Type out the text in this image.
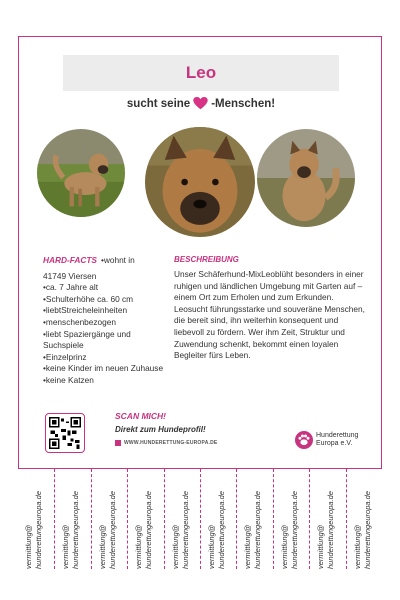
Leo
sucht seine -Menschen!
HARD-FACTS •wohnt in
41749 Viersen
•ca. 7 Jahre alt
•Schulterhöhe ca. 60 cm
•liebtStreicheleinheiten
•menschenbezogen
•liebt Spaziergänge und Suchspiele
•Einzelprinz
•keine Kinder im neuen Zuhause
•keine Katzen
BESCHREIBUNG
Unser Schäferhund-MixLeoblüht besonders in einer ruhigen und ländlichen Umgebung mit Garten auf –einem Ort zum Erholen und zum Erkunden. Leosucht führungsstarke und souveräne Menschen, die bereit sind, ihn weiterhin konsequent und liebevoll zu fördern. Wer ihm Zeit, Struktur und Zuwendung schenkt, bekommt einen loyalen Begleiter fürs Leben.
SCAN MICH!
Direkt zum Hundeprofil!
WWW.HUNDERETTUNG-EUROPA.DE
Hunderettung
Europa e.V.
vermittlung@ hunderettungeuropa.de vermittlung@ hunderettungeuropa.de vermittlung@ hunderettungeuropa.de vermittlung@ hunderettungeuropa.de vermittlung@ hunderettungeuropa.de vermittlung@ hunderettungeuropa.de vermittlung@ hunderettungeuropa.de vermittlung@ hunderettungeuropa.de vermittlung@ hunderettungeuropa.de vermittlung@ hunderettungeuropa.de
